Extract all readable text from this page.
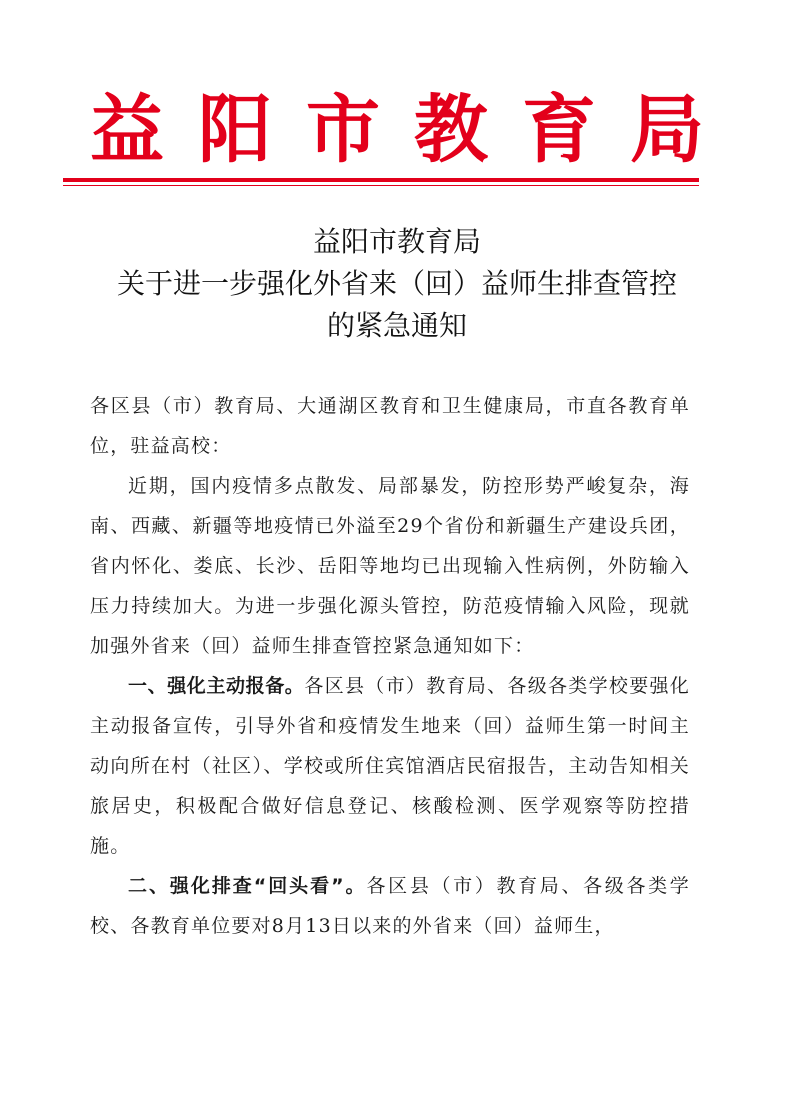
益阳市教育局
益阳市教育局
关于进一步强化外省来（回）益师生排查管控
的紧急通知

各区县（市）教育局、大通湖区教育和卫生健康局，市直各教育单位，驻益高校：

近期，国内疫情多点散发、局部暴发，防控形势严峻复杂，海南、西藏、新疆等地疫情已外溢至29个省份和新疆生产建设兵团，省内怀化、娄底、长沙、岳阳等地均已出现输入性病例，外防输入压力持续加大。为进一步强化源头管控，防范疫情输入风险，现就加强外省来（回）益师生排查管控紧急通知如下：

一、强化主动报备。各区县（市）教育局、各级各类学校要强化主动报备宣传，引导外省和疫情发生地来（回）益师生第一时间主动向所在村（社区）、学校或所住宾馆酒店民宿报告，主动告知相关旅居史，积极配合做好信息登记、核酸检测、医学观察等防控措施。

二、强化排查“回头看”。各区县（市）教育局、各级各类学校、各教育单位要对8月13日以来的外省来（回）益师生，
